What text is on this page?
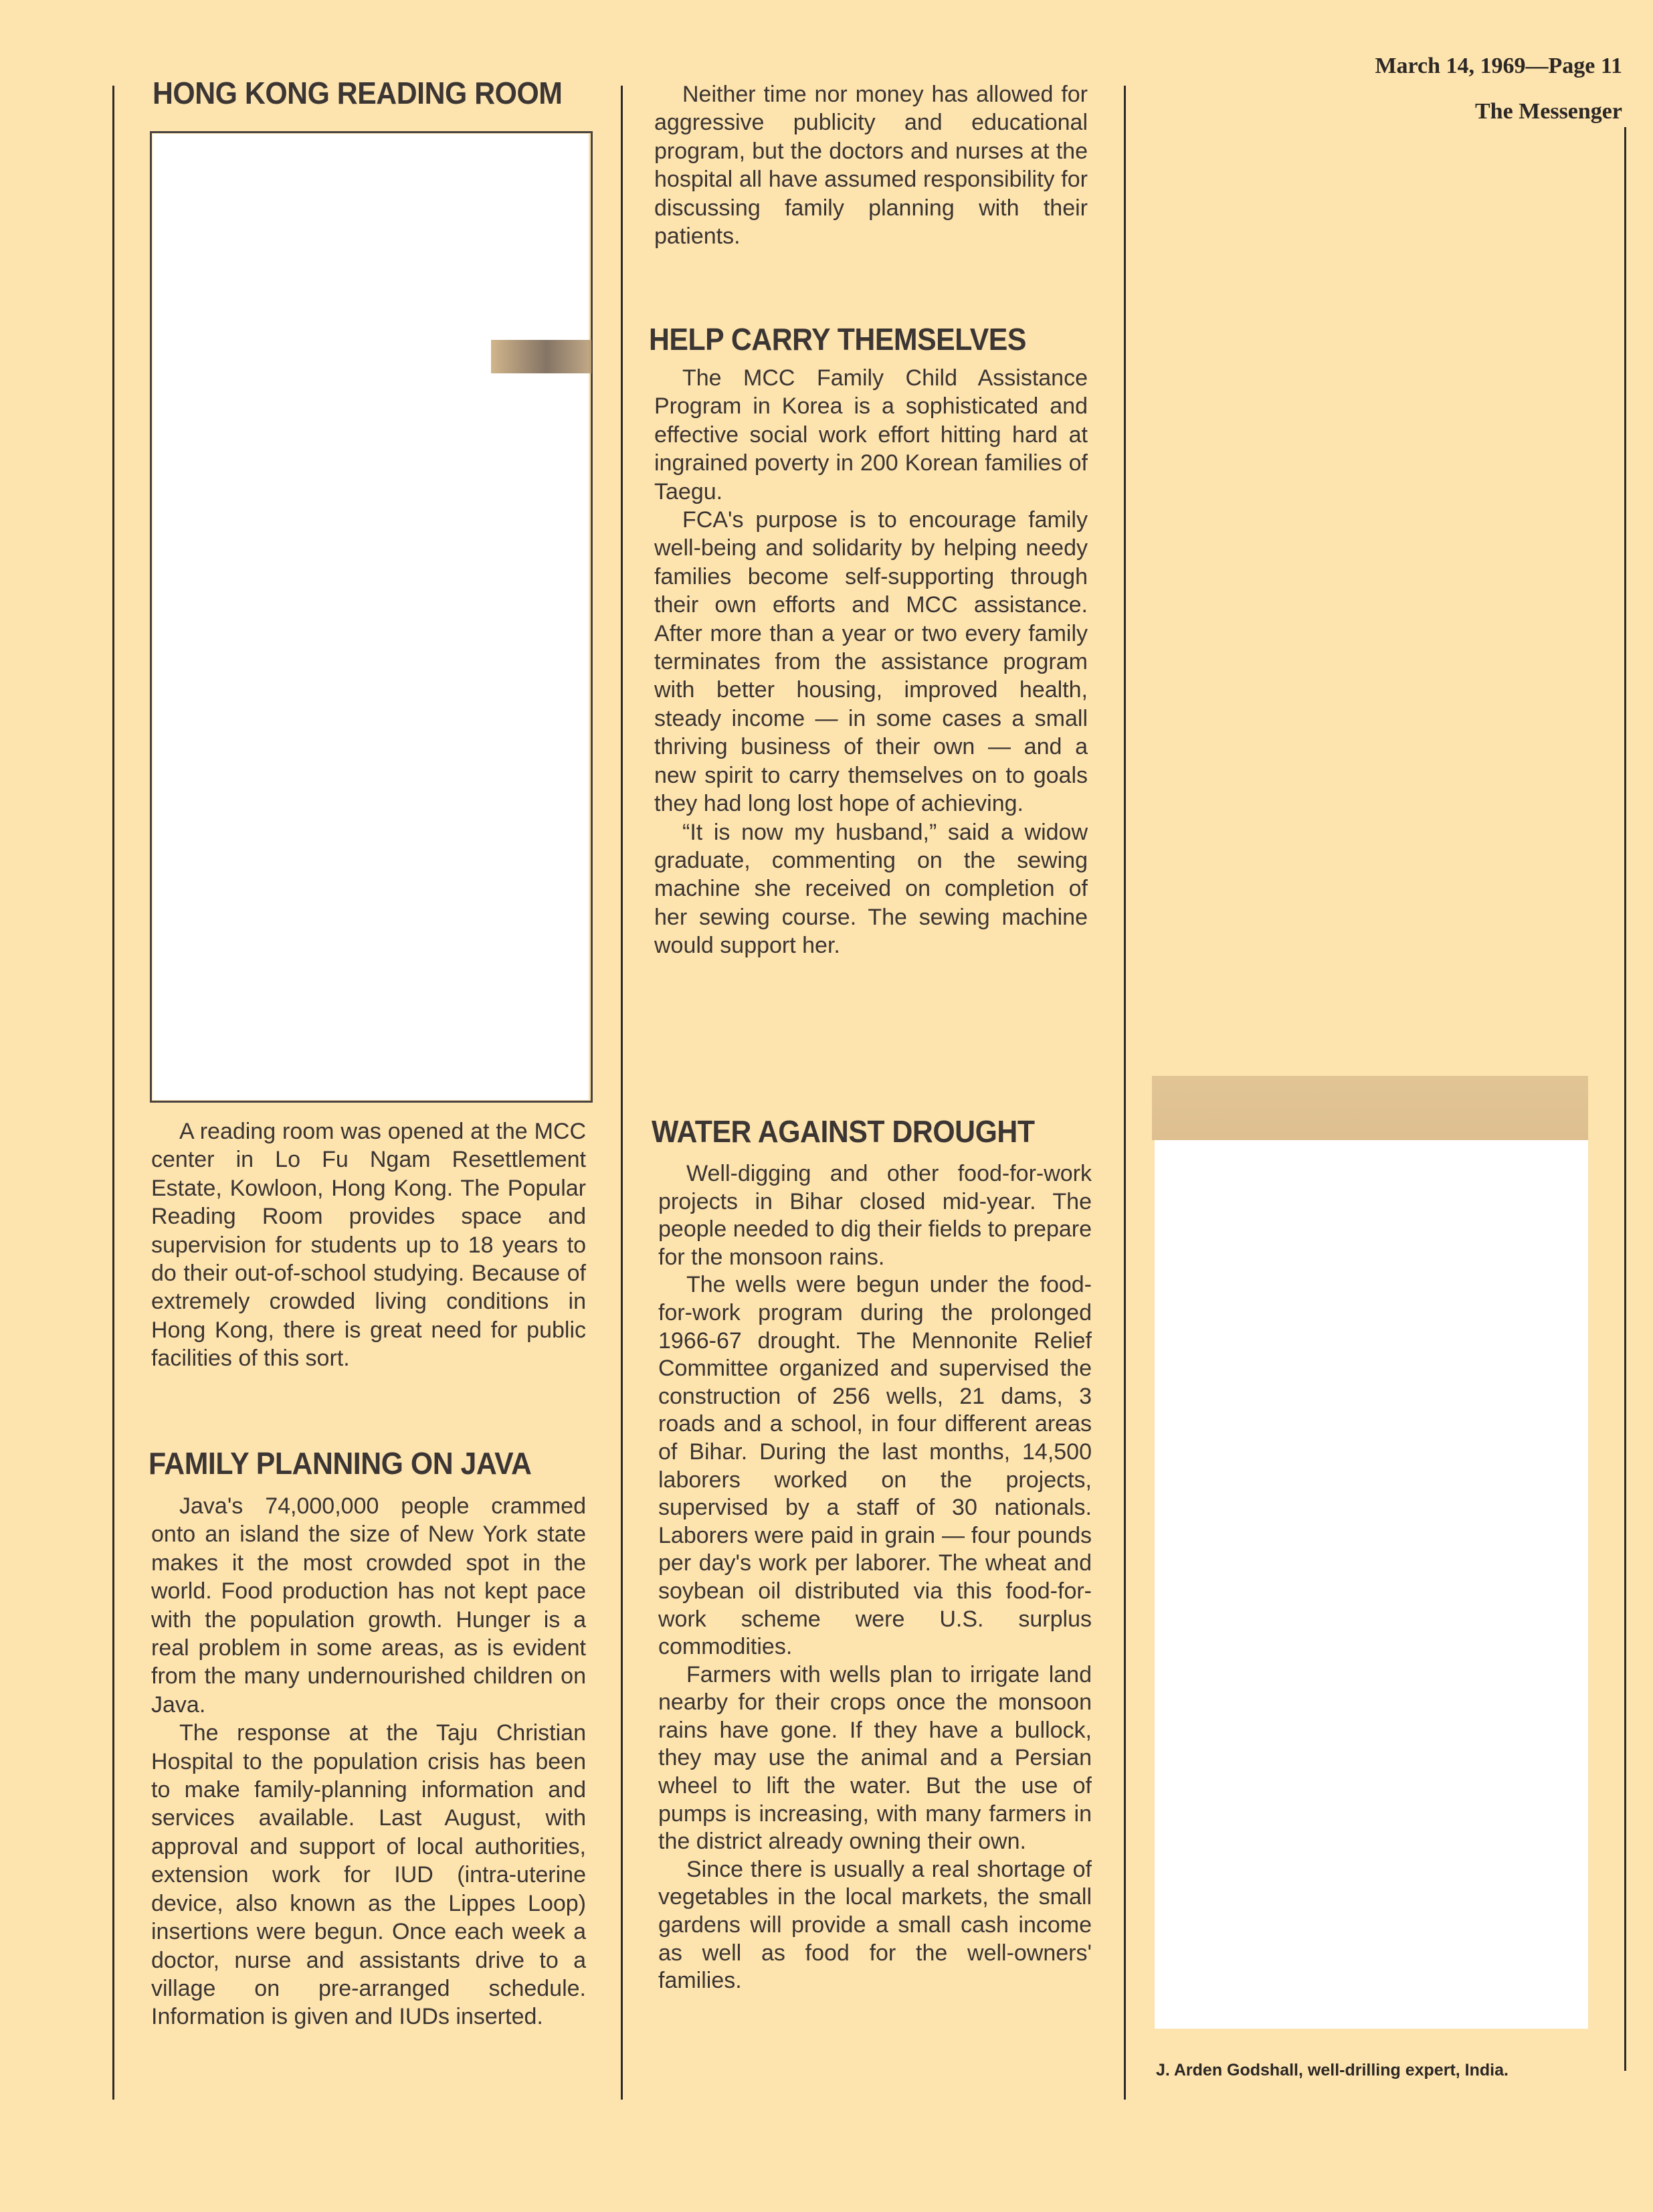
March 14, 1969—Page 11
The Messenger
HONG KONG READING ROOM

A reading room was opened at the MCC center in Lo Fu Ngam Resettlement Estate, Kowloon, Hong Kong. The Popular Reading Room provides space and supervision for students up to 18 years to do their out-of-school studying. Because of extremely crowded living conditions in Hong Kong, there is great need for public facilities of this sort.

FAMILY PLANNING ON JAVA

Java's 74,000,000 people crammed onto an island the size of New York state makes it the most crowded spot in the world. Food production has not kept pace with the population growth. Hunger is a real problem in some areas, as is evident from the many undernourished children on Java.

The response at the Taju Christian Hospital to the population crisis has been to make family-planning information and services available. Last August, with approval and support of local authorities, extension work for IUD (intra-uterine device, also known as the Lippes Loop) insertions were begun. Once each week a doctor, nurse and assistants drive to a village on pre-arranged schedule. Information is given and IUDs inserted.

Neither time nor money has allowed for aggressive publicity and educational program, but the doctors and nurses at the hospital all have assumed responsibility for discussing family planning with their patients.

HELP CARRY THEMSELVES

The MCC Family Child Assistance Program in Korea is a sophisticated and effective social work effort hitting hard at ingrained poverty in 200 Korean families of Taegu.

FCA's purpose is to encourage family well-being and solidarity by helping needy families become self-supporting through their own efforts and MCC assistance. After more than a year or two every family terminates from the assistance program with better housing, improved health, steady income — in some cases a small thriving business of their own — and a new spirit to carry themselves on to goals they had long lost hope of achieving.

“It is now my husband,” said a widow graduate, commenting on the sewing machine she received on completion of her sewing course. The sewing machine would support her.

WATER AGAINST DROUGHT

Well-digging and other food-for-work projects in Bihar closed mid-year. The people needed to dig their fields to prepare for the monsoon rains.

The wells were begun under the food-for-work program during the prolonged 1966-67 drought. The Mennonite Relief Committee organized and supervised the construction of 256 wells, 21 dams, 3 roads and a school, in four different areas of Bihar. During the last months, 14,500 laborers worked on the projects, supervised by a staff of 30 nationals. Laborers were paid in grain — four pounds per day's work per laborer. The wheat and soybean oil distributed via this food-for-work scheme were U.S. surplus commodities.

Farmers with wells plan to irrigate land nearby for their crops once the monsoon rains have gone. If they have a bullock, they may use the animal and a Persian wheel to lift the water. But the use of pumps is increasing, with many farmers in the district already owning their own.

Since there is usually a real shortage of vegetables in the local markets, the small gardens will provide a small cash income as well as food for the well-owners' families.

J. Arden Godshall, well-drilling expert, India.
